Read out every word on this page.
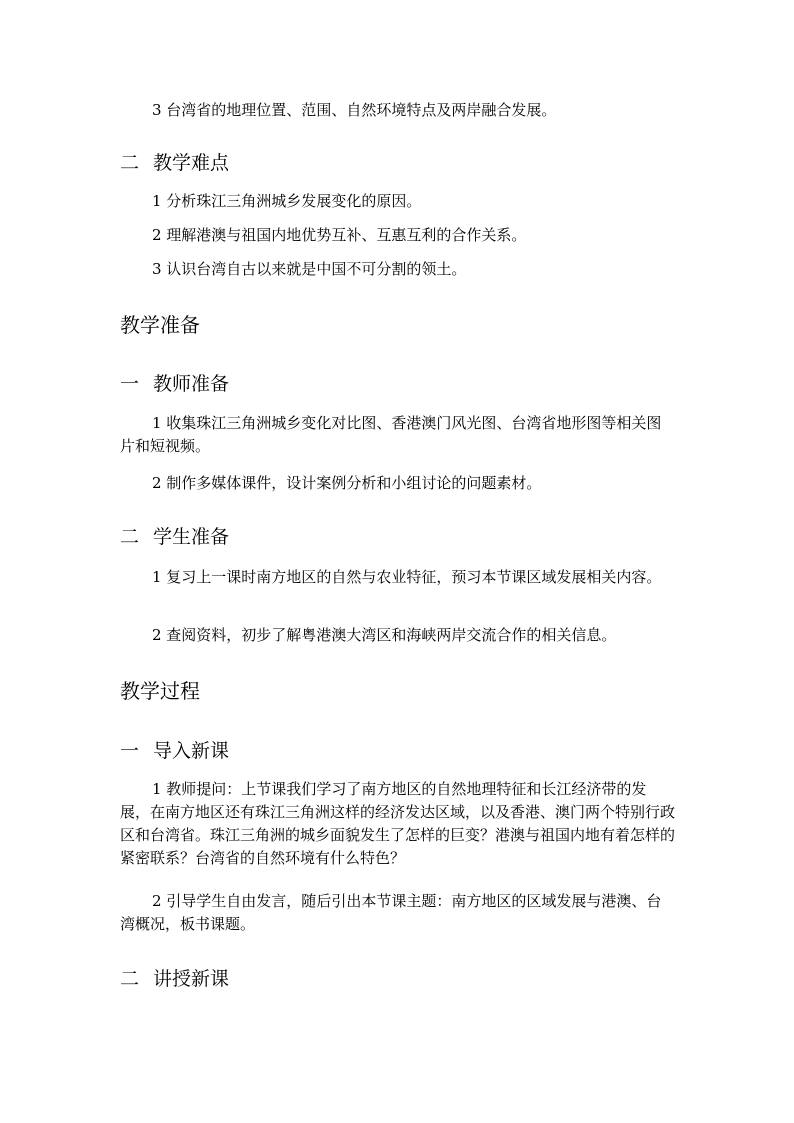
3 台湾省的地理位置、范围、自然环境特点及两岸融合发展。

二 教学难点

1 分析珠江三角洲城乡发展变化的原因。

2 理解港澳与祖国内地优势互补、互惠互利的合作关系。

3 认识台湾自古以来就是中国不可分割的领土。

教学准备
一 教师准备

1 收集珠江三角洲城乡变化对比图、香港澳门风光图、台湾省地形图等相关图片和短视频。

2 制作多媒体课件，设计案例分析和小组讨论的问题素材。

二 学生准备

1 复习上一课时南方地区的自然与农业特征，预习本节课区域发展相关内容。

2 查阅资料，初步了解粤港澳大湾区和海峡两岸交流合作的相关信息。

教学过程
一 导入新课

1 教师提问：上节课我们学习了南方地区的自然地理特征和长江经济带的发展，在南方地区还有珠江三角洲这样的经济发达区域，以及香港、澳门两个特别行政区和台湾省。珠江三角洲的城乡面貌发生了怎样的巨变？港澳与祖国内地有着怎样的紧密联系？台湾省的自然环境有什么特色？

2 引导学生自由发言，随后引出本节课主题：南方地区的区域发展与港澳、台湾概况，板书课题。

二 讲授新课
